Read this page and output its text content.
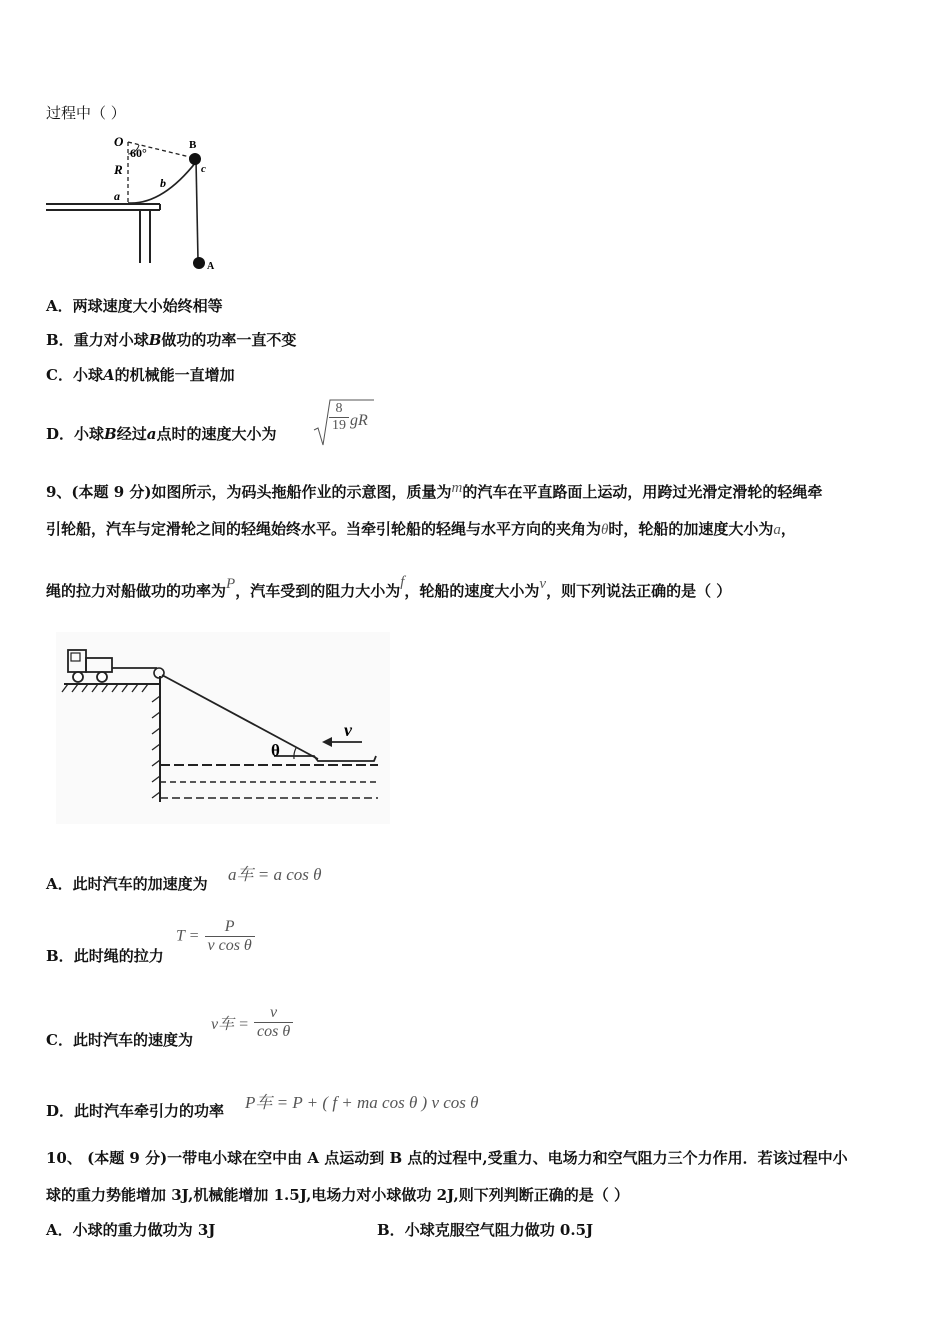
过程中（ ）
O
60°
R
a
b
B
c
A
A．两球速度大小始终相等
B．重力对小球B做功的功率一直不变
C．小球A的机械能一直增加
D．小球B经过a点时的速度大小为	$\frac{8}{19}$ gR
9、(本题 9 分)如图所示，为码头拖船作业的示意图，质量为m的汽车在平直路面上运动，用跨过光滑定滑轮的轻绳牵
引轮船，汽车与定滑轮之间的轻绳始终水平。当牵引轮船的轻绳与水平方向的夹角为θ时，轮船的加速度大小为a，
绳的拉力对船做功的功率为P，汽车受到的阻力大小为f，轮船的速度大小为v，则下列说法正确的是（ ）
v
θ
A．此时汽车的加速度为 a车 = a cos θ
B．此时绳的拉力
$T = \frac{P}{\text{v cos θ}}$
C．此时汽车的速度为
v车 = $\frac{v}{\text{cos θ}}$
D．此时汽车牵引力的功率 P车 = P + ( f + ma cos θ ) v cos θ
10、 (本题 9 分)一带电小球在空中由 A 点运动到 B 点的过程中,受重力、电场力和空气阻力三个力作用．若该过程中小
球的重力势能增加 3J,机械能增加 1.5J,电场力对小球做功 2J,则下列判断正确的是（ ）
A．小球的重力做功为 3J	B．小球克服空气阻力做功 0.5J
